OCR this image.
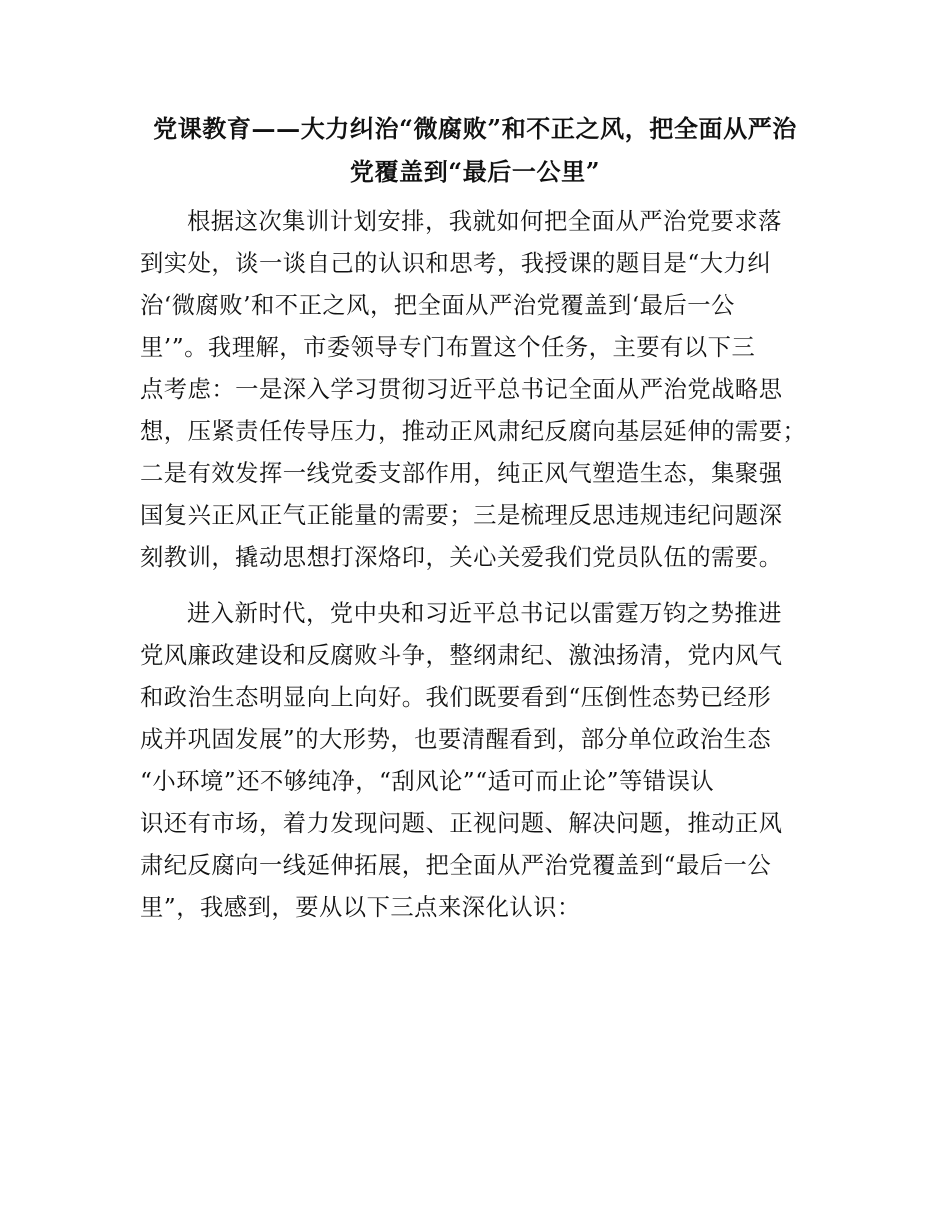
党课教育——大力纠治“微腐败”和不正之风，把全面从严治
党覆盖到“最后一公里”
根据这次集训计划安排，我就如何把全面从严治党要求落
到实处，谈一谈自己的认识和思考，我授课的题目是“大力纠
治‘微腐败’和不正之风，把全面从严治党覆盖到‘最后一公
里’”。我理解，市委领导专门布置这个任务，主要有以下三
点考虑：一是深入学习贯彻习近平总书记全面从严治党战略思
想，压紧责任传导压力，推动正风肃纪反腐向基层延伸的需要；
二是有效发挥一线党委支部作用，纯正风气塑造生态，集聚强
国复兴正风正气正能量的需要；三是梳理反思违规违纪问题深
刻教训，撬动思想打深烙印，关心关爱我们党员队伍的需要。
进入新时代，党中央和习近平总书记以雷霆万钧之势推进
党风廉政建设和反腐败斗争，整纲肃纪、激浊扬清，党内风气
和政治生态明显向上向好。我们既要看到“压倒性态势已经形
成并巩固发展”的大形势，也要清醒看到，部分单位政治生态
“小环境”还不够纯净，“刮风论”“适可而止论”等错误认
识还有市场，着力发现问题、正视问题、解决问题，推动正风
肃纪反腐向一线延伸拓展，把全面从严治党覆盖到“最后一公
里”，我感到，要从以下三点来深化认识：
